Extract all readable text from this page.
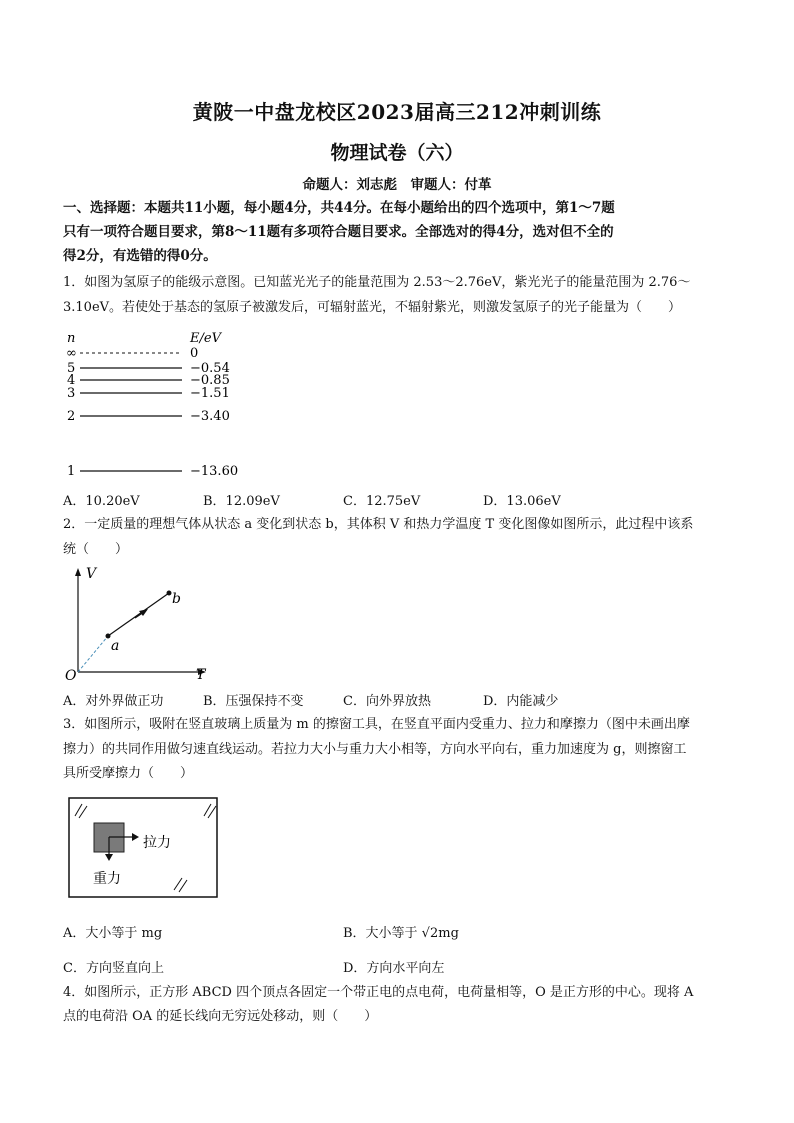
黄陂一中盘龙校区2023届高三212冲刺训练
物理试卷（六）
命题人：刘志彪　审题人：付革
一、选择题：本题共11小题，每小题4分，共44分。在每小题给出的四个选项中，第1～7题
只有一项符合题目要求，第8～11题有多项符合题目要求。全部选对的得4分，选对但不全的
得2分，有选错的得0分。
1．如图为氢原子的能级示意图。已知蓝光光子的能量范围为 2.53～2.76eV，紫光光子的能量范围为 2.76～
3.10eV。若使处于基态的氢原子被激发后，可辐射蓝光，不辐射紫光，则激发氢原子的光子能量为（　　）
n	E/eV
∞	0
5	−0.54
4	−0.85
3	−1.51
2	−3.40
1	−13.60
A．10.20eV	B．12.09eV	C．12.75eV	D．13.06eV
2．一定质量的理想气体从状态 a 变化到状态 b，其体积 V 和热力学温度 T 变化图像如图所示，此过程中该系
统（　　）
V
T
O
a
b
A．对外界做正功	B．压强保持不变	C．向外界放热	D．内能减少
3．如图所示，吸附在竖直玻璃上质量为 m 的擦窗工具，在竖直平面内受重力、拉力和摩擦力（图中未画出摩
擦力）的共同作用做匀速直线运动。若拉力大小与重力大小相等，方向水平向右，重力加速度为 g，则擦窗工
具所受摩擦力（　　）
拉力
重力
A．大小等于 mg	B．大小等于 √2mg
C．方向竖直向上	D．方向水平向左
4．如图所示，正方形 ABCD 四个顶点各固定一个带正电的点电荷，电荷量相等，O 是正方形的中心。现将 A
点的电荷沿 OA 的延长线向无穷远处移动，则（　　）
